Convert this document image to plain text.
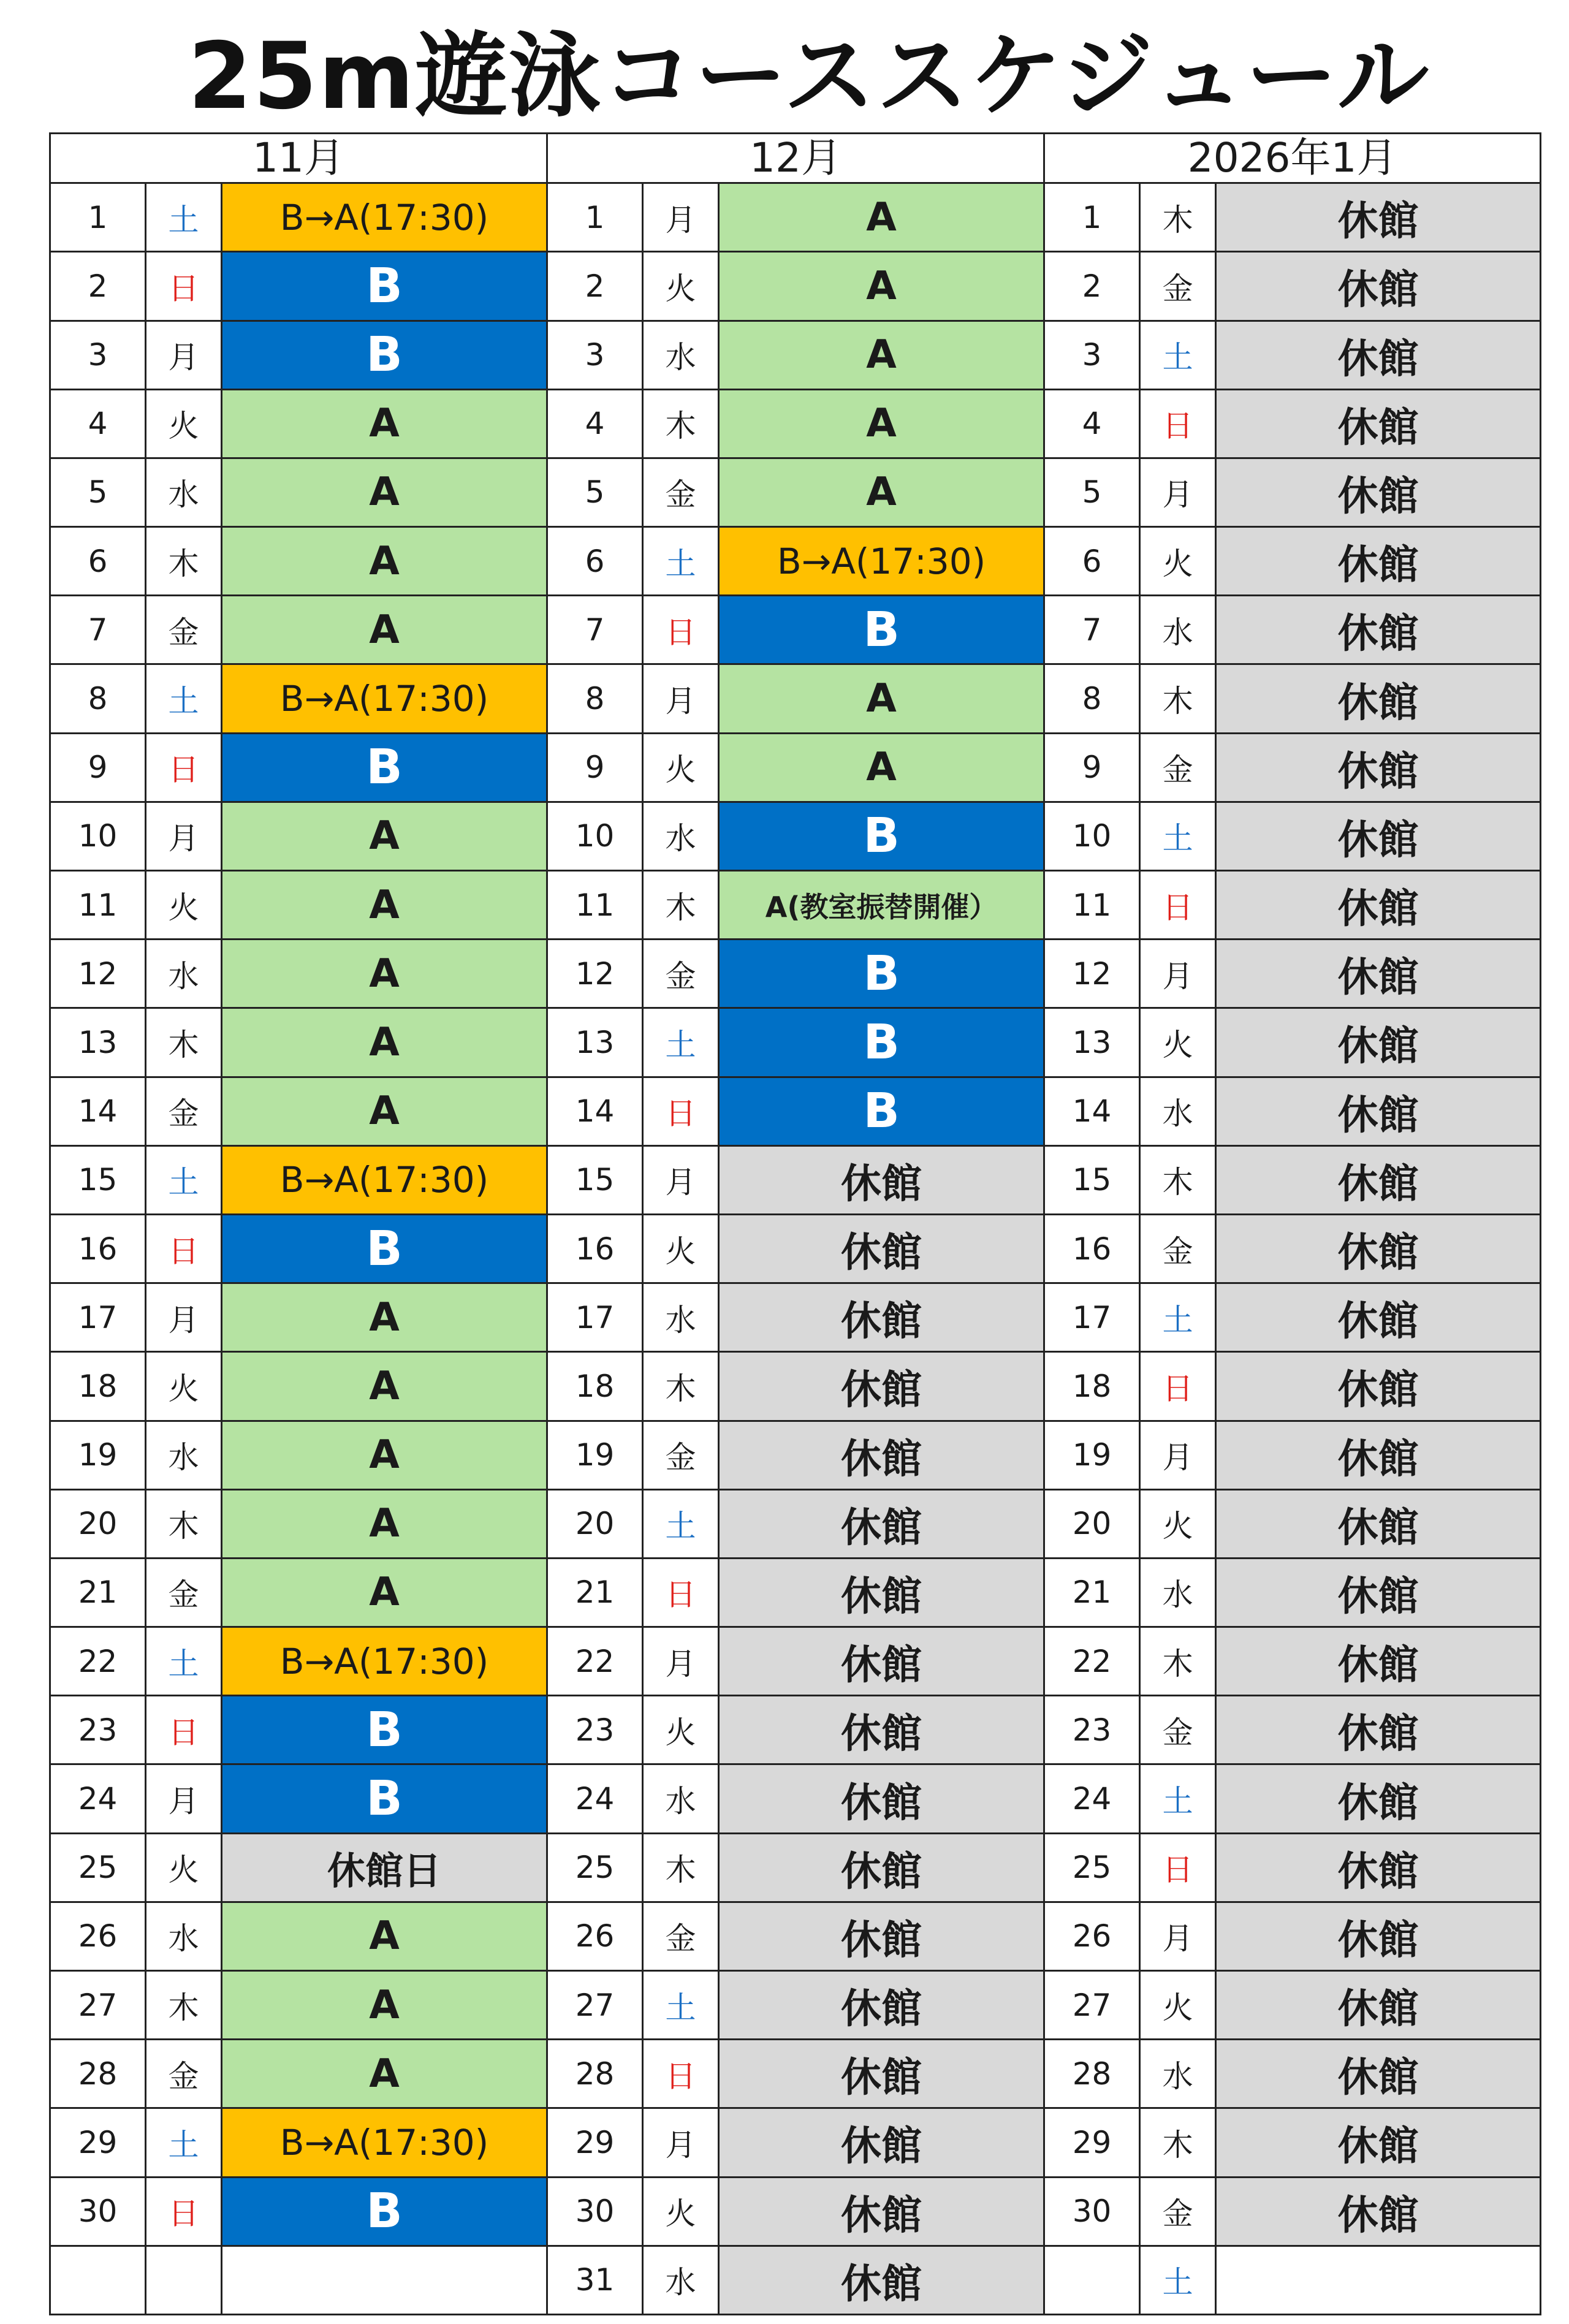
25m遊泳コーススケジュール
11月			12月			2026年1月		
1	土	B→A(17:30)	1	月	A	1	木	休館
2	日	B	2	火	A	2	金	休館
3	月	B	3	水	A	3	土	休館
4	火	A	4	木	A	4	日	休館
5	水	A	5	金	A	5	月	休館
6	木	A	6	土	B→A(17:30)	6	火	休館
7	金	A	7	日	B	7	水	休館
8	土	B→A(17:30)	8	月	A	8	木	休館
9	日	B	9	火	A	9	金	休館
10	月	A	10	水	B	10	土	休館
11	火	A	11	木	A(教室振替開催）	11	日	休館
12	水	A	12	金	B	12	月	休館
13	木	A	13	土	B	13	火	休館
14	金	A	14	日	B	14	水	休館
15	土	B→A(17:30)	15	月	休館	15	木	休館
16	日	B	16	火	休館	16	金	休館
17	月	A	17	水	休館	17	土	休館
18	火	A	18	木	休館	18	日	休館
19	水	A	19	金	休館	19	月	休館
20	木	A	20	土	休館	20	火	休館
21	金	A	21	日	休館	21	水	休館
22	土	B→A(17:30)	22	月	休館	22	木	休館
23	日	B	23	火	休館	23	金	休館
24	月	B	24	水	休館	24	土	休館
25	火	休館日	25	木	休館	25	日	休館
26	水	A	26	金	休館	26	月	休館
27	木	A	27	土	休館	27	火	休館
28	金	A	28	日	休館	28	水	休館
29	土	B→A(17:30)	29	月	休館	29	木	休館
30	日	B	30	火	休館	30	金	休館
			31	水	休館		土	
